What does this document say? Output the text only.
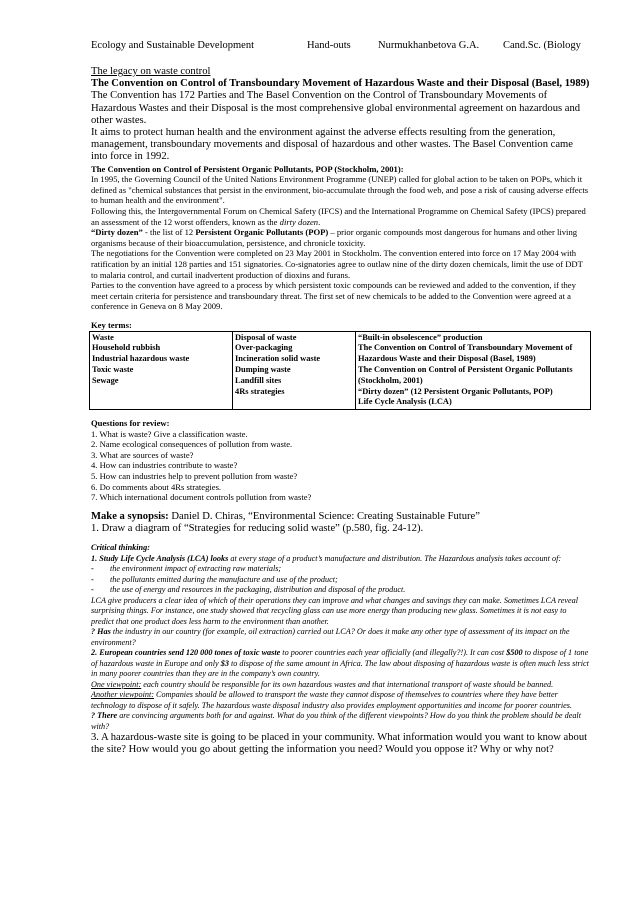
Ecology and Sustainable Development	Hand-outs	Nurmukhanbetova G.A. Cand.Sc. (Biology

The legacy on waste control

The Convention on Control of Transboundary Movement of Hazardous Waste and their Disposal (Basel, 1989)

The Convention has 172 Parties and The Basel Convention on the Control of Transboundary Movements of Hazardous Wastes and their Disposal is the most comprehensive global environmental agreement on hazardous and other wastes.

It aims to protect human health and the environment against the adverse effects resulting from the generation, management, transboundary movements and disposal of hazardous and other wastes. The Basel Convention came into force in 1992.

The Convention on Control of Persistent Organic Pollutants, POP (Stockholm, 2001):

In 1995, the Governing Council of the United Nations Environment Programme (UNEP) called for global action to be taken on POPs, which it defined as "chemical substances that persist in the environment, bio-accumulate through the food web, and pose a risk of causing adverse effects to human health and the environment".

Following this, the Intergovernmental Forum on Chemical Safety (IFCS) and the International Programme on Chemical Safety (IPCS) prepared an assessment of the 12 worst offenders, known as the dirty dozen.

“Dirty dozen” - the list of 12 Persistent Organic Pollutants (POP) – prior organic compounds most dangerous for humans and other living organisms because of their bioaccumulation, persistence, and chronicle toxicity.

The negotiations for the Convention were completed on 23 May 2001 in Stockholm. The convention entered into force on 17 May 2004 with ratification by an initial 128 parties and 151 signatories. Co-signatories agree to outlaw nine of the dirty dozen chemicals, limit the use of DDT to malaria control, and curtail inadvertent production of dioxins and furans.

Parties to the convention have agreed to a process by which persistent toxic compounds can be reviewed and added to the convention, if they meet certain criteria for persistence and transboundary threat. The first set of new chemicals to be added to the Convention were agreed at a conference in Geneva on 8 May 2009.

Key terms:

Waste
Household rubbish
Industrial hazardous waste
Toxic waste
Sewage

Disposal of waste
Over-packaging
Incineration solid waste
Dumping waste
Landfill sites
4Rs strategies

“Built-in obsolescence” production
The Convention on Control of Transboundary Movement of Hazardous Waste and their Disposal (Basel, 1989)
The Convention on Control of Persistent Organic Pollutants (Stockholm, 2001)
“Dirty dozen” (12 Persistent Organic Pollutants, POP)
Life Cycle Analysis (LCA)

Questions for review:

1. What is waste? Give a classification waste.

2. Name ecological consequences of pollution from waste.

3. What are sources of waste?

4. How can industries contribute to waste?

5. How can industries help to prevent pollution from waste?

6. Do comments about 4Rs strategies.

7. Which international document controls pollution from waste?

Make a synopsis: Daniel D. Chiras, “Environmental Science: Creating Sustainable Future”

1. Draw a diagram of “Strategies for reducing solid waste” (p.580, fig. 24-12).

Critical thinking:

1. Study Life Cycle Analysis (LCA) looks at every stage of a product’s manufacture and distribution. The Hazardous analysis takes account of:

-	the environment impact of extracting raw materials;
-	the pollutants emitted during the manufacture and use of the product;
-	the use of energy and resources in the packaging, distribution and disposal of the product.

LCA give producers a clear idea of which of their operations they can improve and what changes and savings they can make. Sometimes LCA reveal surprising things. For instance, one study showed that recycling glass can use more energy than producing new glass. Sometimes it is not easy to predict that one product does less harm to the environment than another.

? Has the industry in our country (for example, oil extraction) carried out LCA? Or does it make any other type of assessment of its impact on the environment?

2. European countries send 120 000 tones of toxic waste to poorer countries each year officially (and illegally?!). It can cost $500 to dispose of 1 tone of hazardous waste in Europe and only $3 to dispose of the same amount in Africa. The law about disposing of hazardous waste is often much less strict in many poorer countries than they are in the company’s own country.

One viewpoint: each country should be responsible for its own hazardous wastes and that international transport of waste should be banned.

Another viewpoint: Companies should be allowed to transport the waste they cannot dispose of themselves to countries where they have better technology to dispose of it safely. The hazardous waste disposal industry also provides employment opportunities and income for poorer countries.

? There are convincing arguments both for and against. What do you think of the different viewpoints? How do you think the problem should be dealt with?

3. A hazardous-waste site is going to be placed in your community. What information would you want to know about the site? How would you go about getting the information you need? Would you oppose it? Why or why not?
